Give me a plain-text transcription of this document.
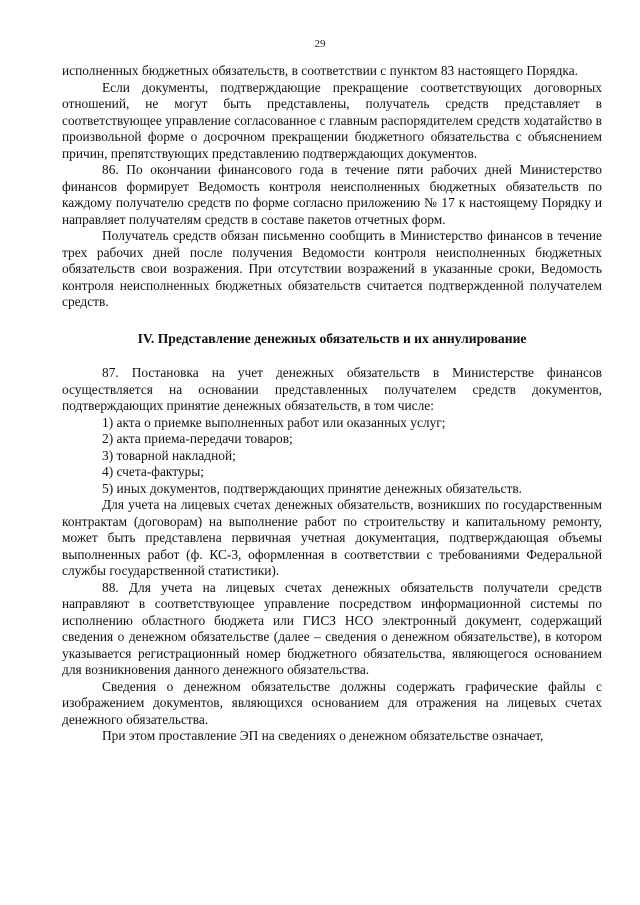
29

исполненных бюджетных обязательств, в соответствии с пунктом 83 настоящего Порядка.

Если документы, подтверждающие прекращение соответствующих договорных отношений, не могут быть представлены, получатель средств представляет в соответствующее управление согласованное с главным распорядителем средств ходатайство в произвольной форме о досрочном прекращении бюджетного обязательства с объяснением причин, препятствующих представлению подтверждающих документов.

86. По окончании финансового года в течение пяти рабочих дней Министерство финансов формирует Ведомость контроля неисполненных бюджетных обязательств по каждому получателю средств по форме согласно приложению № 17 к настоящему Порядку и направляет получателям средств в составе пакетов отчетных форм.

Получатель средств обязан письменно сообщить в Министерство финансов в течение трех рабочих дней после получения Ведомости контроля неисполненных бюджетных обязательств свои возражения. При отсутствии возражений в указанные сроки, Ведомость контроля неисполненных бюджетных обязательств считается подтвержденной получателем средств.

IV. Представление денежных обязательств и их аннулирование

87. Постановка на учет денежных обязательств в Министерстве финансов осуществляется на основании представленных получателем средств документов, подтверждающих принятие денежных обязательств, в том числе:

1) акта о приемке выполненных работ или оказанных услуг;

2) акта приема-передачи товаров;

3) товарной накладной;

4) счета-фактуры;

5) иных документов, подтверждающих принятие денежных обязательств.

Для учета на лицевых счетах денежных обязательств, возникших по государственным контрактам (договорам) на выполнение работ по строительству и капитальному ремонту, может быть представлена первичная учетная документация, подтверждающая объемы выполненных работ (ф. КС-3, оформленная в соответствии с требованиями Федеральной службы государственной статистики).

88. Для учета на лицевых счетах денежных обязательств получатели средств направляют в соответствующее управление посредством информационной системы по исполнению областного бюджета или ГИСЗ НСО электронный документ, содержащий сведения о денежном обязательстве (далее – сведения о денежном обязательстве), в котором указывается регистрационный номер бюджетного обязательства, являющегося основанием для возникновения данного денежного обязательства.

Сведения о денежном обязательстве должны содержать графические файлы с изображением документов, являющихся основанием для отражения на лицевых счетах денежного обязательства.

При этом проставление ЭП на сведениях о денежном обязательстве означает,
